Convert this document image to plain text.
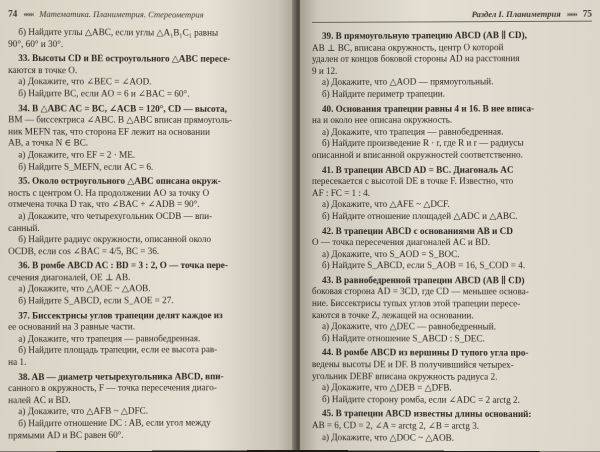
74 ««« Математика. Планиметрия. Стереометрия
б) Найдите углы △ABC, если углы △A₁B₁C₁ равны
90°, 60° и 30°.
33. Высоты CD и BE остроугольного △ABC пересе-
каются в точке O.
а) Докажите, что ∠BEC = ∠AOD.
б) Найдите BC, если AO = 6 и ∠BAC = 60°.
34. В △ABC AC = BC, ∠ACB = 120°, CD — высота,
BM — биссектриса ∠ABC. В △ABC вписан прямоуголь-
ник MEFN так, что сторона EF лежит на основании
AB, а точка N ∈ BC.
а) Докажите, что EF = 2 · ME.
б) Найдите S_MEFN, если AC = 6.
35. Около остроугольного △ABC описана окруж-
ность с центром O. На продолжении AO за точку O
отмечена точка D так, что ∠BAC + ∠ADB = 90°.
а) Докажите, что четырехугольник OCDB — впи-
санный.
б) Найдите радиус окружности, описанной около
OCDB, если cos ∠BAC = 4/5, BC = 36.
36. В ромбе ABCD AC : BD = 3 : 2, O — точка пере-
сечения диагоналей, OE ⊥ AB.
а) Докажите, что △AOE ~ △AOB.
б) Найдите S_ABCD, если S_AOE = 27.
37. Биссектрисы углов трапеции делят каждое из
ее оснований на 3 равные части.
а) Докажите, что трапеция — равнобедренная.
б) Найдите площадь трапеции, если ее высота рав-
на 1.
38. AB — диаметр четырехугольника ABCD, впи-
санного в окружность, F — точка пересечения диаго-
налей AC и BD.
а) Докажите, что △AFB ~ △DFC.
б) Найдите отношение DC : AB, если угол между
прямыми AD и BC равен 60°.
Раздел I. Планиметрия »»» 75
39. В прямоугольную трапецию ABCD (AB ∥ CD),
AB ⊥ BC, вписана окружность, центр O которой
удален от концов боковой стороны AD на расстояния
9 и 12.
а) Докажите, что △AOD — прямоугольный.
б) Найдите периметр трапеции.
40. Основания трапеции равны 4 и 16. В нее вписа-
на и около нее описана окружность.
а) Докажите, что трапеция — равнобедренная.
б) Найдите произведение R · r, где R и r — радиусы
описанной и вписанной окружностей соответственно.
41. В трапеции ABCD AD = BC. Диагональ AC
пересекается с высотой DE в точке F. Известно, что
AF : FC = 1 : 4.
а) Докажите, что △AFE ~ △DCF.
б) Найдите отношение площадей △ADC и △ABC.
42. В трапеции ABCD с основаниями AB и CD
O — точка пересечения диагоналей AC и BD.
а) Докажите, что S_AOD = S_BOC.
б) Найдите S_ABCD, если S_AOB = 16, S_COD = 4.
43. В равнобедренной трапеции ABCD (AB ∥ CD)
боковая сторона AD = 3CD, где CD — меньшее основа-
ние. Биссектрисы тупых углов этой трапеции пересе-
каются в точке Z, лежащей на основании.
а) Докажите, что △DEC — равнобедренный.
б) Найдите отношение S_ABCD : S_DEC.
44. В ромбе ABCD из вершины D тупого угла про-
ведены высоты DE и DF. В получившийся четырех-
угольник DEBF вписана окружность радиуса 2.
а) Докажите, что △DEB = △DFB.
б) Найдите сторону ромба, если ∠ADC = 2 arctg 2.
45. В трапеции ABCD известны длины оснований:
AB = 6, CD = 2, ∠A = arctg 2, ∠B = arctg 3.
а) Докажите, что △DOC ~ △AOB.
